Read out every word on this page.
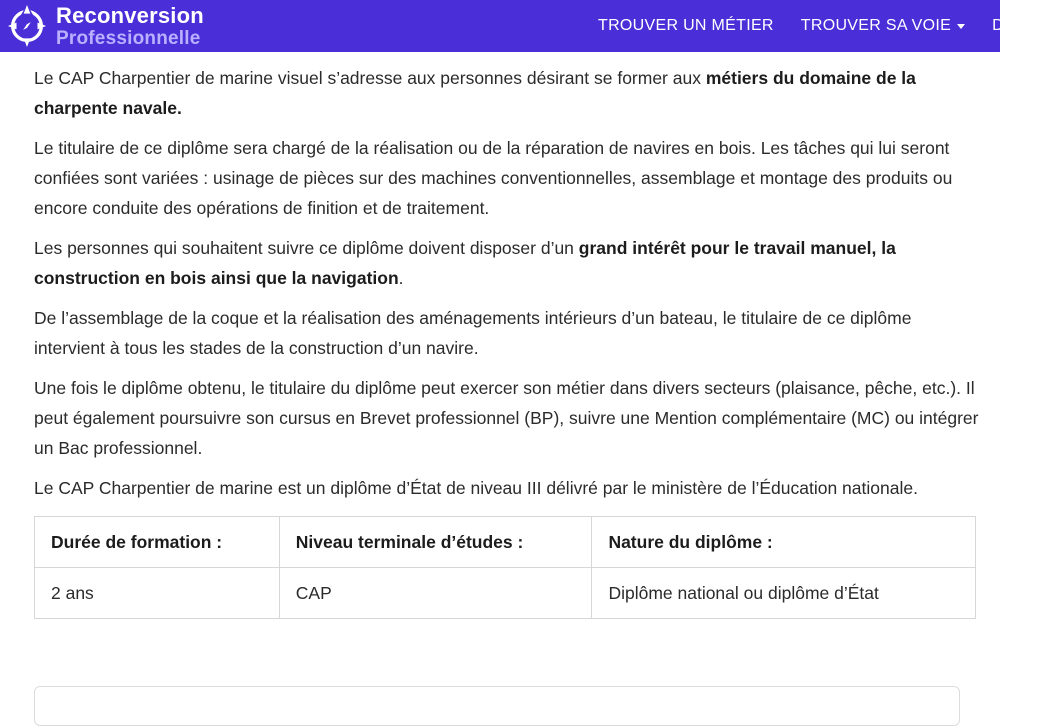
Reconversion
Professionnelle
TROUVER UN MÉTIER TROUVER SA VOIE	DIP

Le CAP Charpentier de marine visuel s’adresse aux personnes désirant se former aux métiers du domaine de la charpente navale.

Le titulaire de ce diplôme sera chargé de la réalisation ou de la réparation de navires en bois. Les tâches qui lui seront confiées sont variées : usinage de pièces sur des machines conventionnelles, assemblage et montage des produits ou encore conduite des opérations de finition et de traitement.

Les personnes qui souhaitent suivre ce diplôme doivent disposer d’un grand intérêt pour le travail manuel, la construction en bois ainsi que la navigation.

De l’assemblage de la coque et la réalisation des aménagements intérieurs d’un bateau, le titulaire de ce diplôme intervient à tous les stades de la construction d’un navire.

Une fois le diplôme obtenu, le titulaire du diplôme peut exercer son métier dans divers secteurs (plaisance, pêche, etc.). Il peut également poursuivre son cursus en Brevet professionnel (BP), suivre une Mention complémentaire (MC) ou intégrer un Bac professionnel.

Le CAP Charpentier de marine est un diplôme d’État de niveau III délivré par le ministère de l’Éducation nationale.

Durée de formation :	Niveau terminale d’études :	Nature du diplôme :
2 ans	CAP	Diplôme national ou diplôme d’État
